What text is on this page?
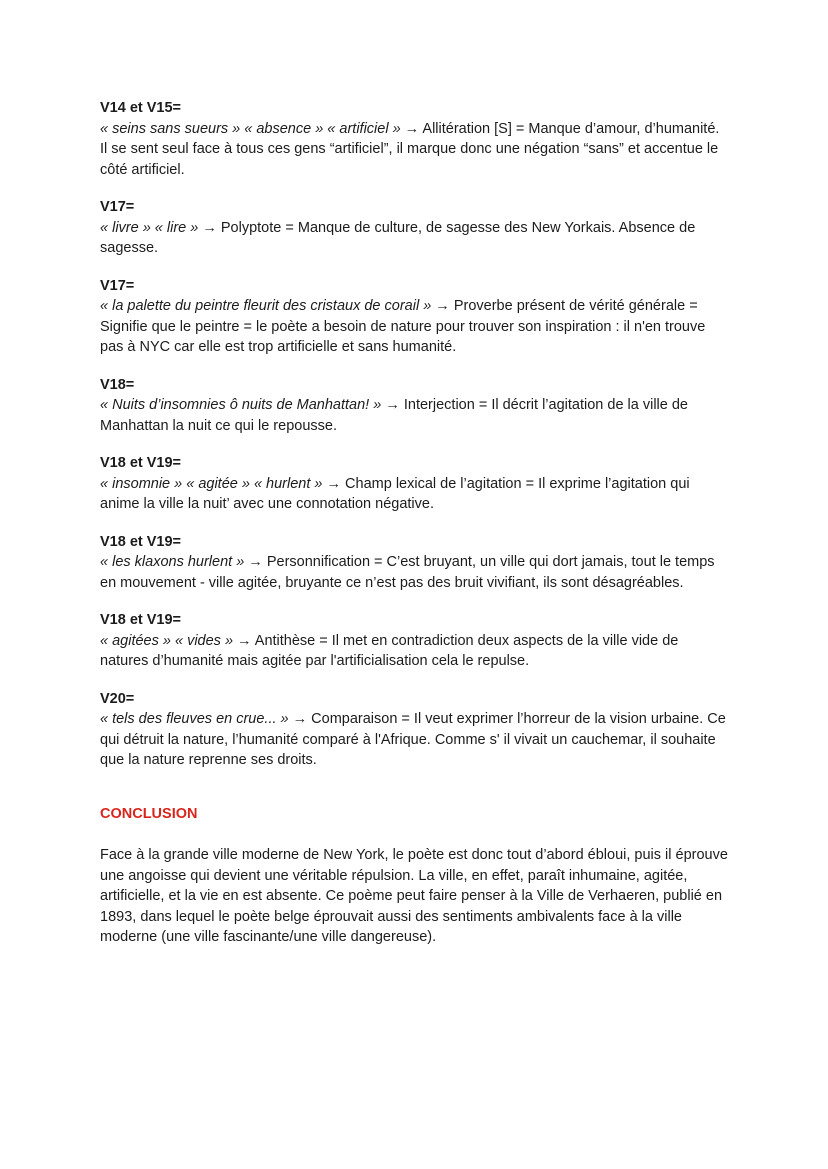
V14 et V15=

« seins sans sueurs » « absence » « artificiel » → Allitération [S] = Manque d’amour, d’humanité. Il se sent seul face à tous ces gens “artificiel”, il marque donc une négation “sans” et accentue le côté artificiel.

V17=

« livre » « lire » → Polyptote = Manque de culture, de sagesse des New Yorkais. Absence de sagesse.

V17=

« la palette du peintre fleurit des cristaux de corail » → Proverbe présent de vérité générale = Signifie que le peintre = le poète a besoin de nature pour trouver son inspiration : il n'en trouve pas à NYC car elle est trop artificielle et sans humanité.

V18=

« Nuits d’insomnies ô nuits de Manhattan! » → Interjection = Il décrit l’agitation de la ville de Manhattan la nuit ce qui le repousse.

V18 et V19=

« insomnie » « agitée » « hurlent » → Champ lexical de l’agitation = Il exprime l’agitation qui anime la ville la nuit’ avec une connotation négative.

V18 et V19=

« les klaxons hurlent » → Personnification = C’est bruyant, un ville qui dort jamais, tout le temps en mouvement - ville agitée, bruyante ce n’est pas des bruit vivifiant, ils sont désagréables.

V18 et V19=

« agitées » « vides » → Antithèse = Il met en contradiction deux aspects de la ville vide de natures d’humanité mais agitée par l'artificialisation cela le repulse.

V20=

« tels des fleuves en crue... » → Comparaison = Il veut exprimer l’horreur de la vision urbaine. Ce qui détruit la nature, l’humanité comparé à l'Afrique. Comme s' il vivait un cauchemar, il souhaite que la nature reprenne ses droits.

CONCLUSION

Face à la grande ville moderne de New York, le poète est donc tout d’abord ébloui, puis il éprouve une angoisse qui devient une véritable répulsion. La ville, en effet, paraît inhumaine, agitée, artificielle, et la vie en est absente. Ce poème peut faire penser à la Ville de Verhaeren, publié en 1893, dans lequel le poète belge éprouvait aussi des sentiments ambivalents face à la ville moderne (une ville fascinante/une ville dangereuse).
